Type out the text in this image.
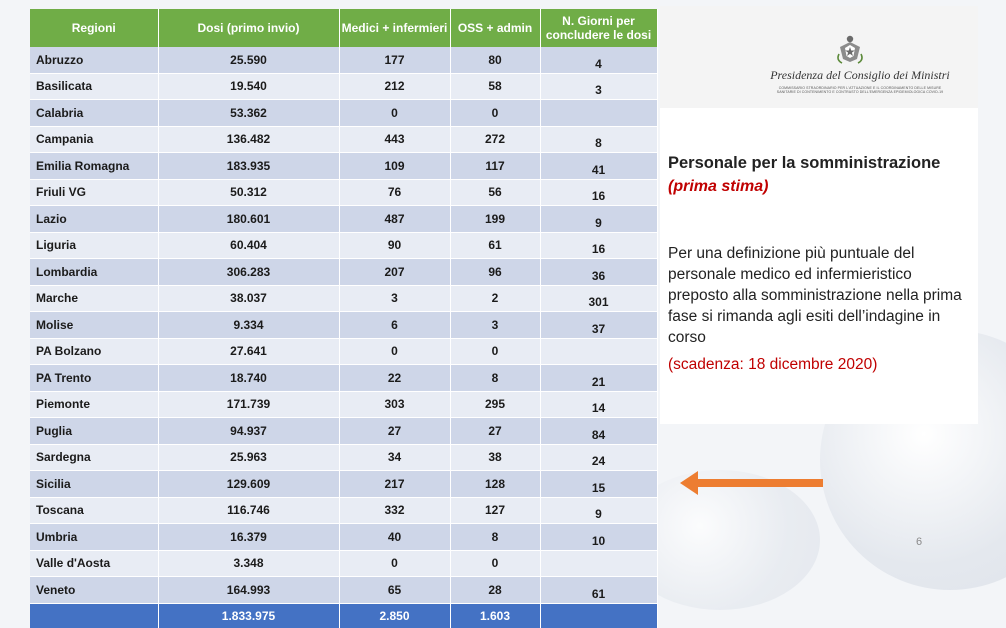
Regioni	Dosi (primo invio)	Medici + infermieri	OSS + admin	N. Giorni per concludere le dosi
Abruzzo	25.590	177	80	4
Basilicata	19.540	212	58	3
Calabria	53.362	0	0	
Campania	136.482	443	272	8
Emilia Romagna	183.935	109	117	41
Friuli VG	50.312	76	56	16
Lazio	180.601	487	199	9
Liguria	60.404	90	61	16
Lombardia	306.283	207	96	36
Marche	38.037	3	2	301
Molise	9.334	6	3	37
PA Bolzano	27.641	0	0	
PA Trento	18.740	22	8	21
Piemonte	171.739	303	295	14
Puglia	94.937	27	27	84
Sardegna	25.963	34	38	24
Sicilia	129.609	217	128	15
Toscana	116.746	332	127	9
Umbria	16.379	40	8	10
Valle d'Aosta	3.348	0	0	
Veneto	164.993	65	28	61
	1.833.975	2.850	1.603	
Presidenza del Consiglio dei Ministri
COMMISSARIO STRAORDINARIO PER L'ATTUAZIONE E IL COORDINAMENTO DELLE MISURE SANITARIE DI CONTENIMENTO E CONTRASTO DELL'EMERGENZA EPIDEMIOLOGICA COVID-19
Personale per la somministrazione
(prima stima)
Per una definizione più puntuale del personale medico ed infermieristico preposto alla somministrazione nella prima fase si rimanda agli esiti dell’indagine in corso
(scadenza: 18 dicembre 2020)
6
